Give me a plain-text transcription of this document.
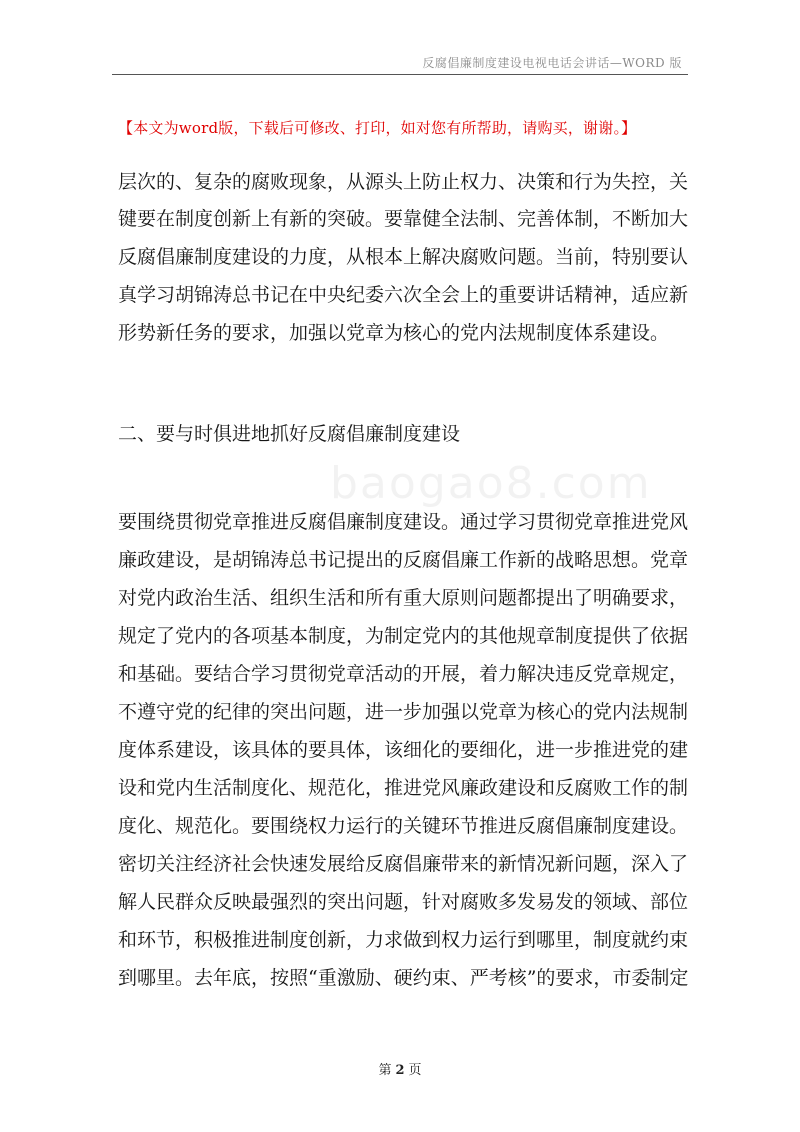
反腐倡廉制度建设电视电话会讲话—WORD 版
【本文为word版，下载后可修改、打印，如对您有所帮助，请购买，谢谢。】
baogao8.com
层次的、复杂的腐败现象，从源头上防止权力、决策和行为失控，关
键要在制度创新上有新的突破。要靠健全法制、完善体制，不断加大
反腐倡廉制度建设的力度，从根本上解决腐败问题。当前，特别要认
真学习胡锦涛总书记在中央纪委六次全会上的重要讲话精神，适应新
形势新任务的要求，加强以党章为核心的党内法规制度体系建设。
二、要与时俱进地抓好反腐倡廉制度建设
要围绕贯彻党章推进反腐倡廉制度建设。通过学习贯彻党章推进党风
廉政建设，是胡锦涛总书记提出的反腐倡廉工作新的战略思想。党章
对党内政治生活、组织生活和所有重大原则问题都提出了明确要求，
规定了党内的各项基本制度，为制定党内的其他规章制度提供了依据
和基础。要结合学习贯彻党章活动的开展，着力解决违反党章规定，
不遵守党的纪律的突出问题，进一步加强以党章为核心的党内法规制
度体系建设，该具体的要具体，该细化的要细化，进一步推进党的建
设和党内生活制度化、规范化，推进党风廉政建设和反腐败工作的制
度化、规范化。要围绕权力运行的关键环节推进反腐倡廉制度建设。
密切关注经济社会快速发展给反腐倡廉带来的新情况新问题，深入了
解人民群众反映最强烈的突出问题，针对腐败多发易发的领域、部位
和环节，积极推进制度创新，力求做到权力运行到哪里，制度就约束
到哪里。去年底，按照“重激励、硬约束、严考核”的要求，市委制定
第 2 页
